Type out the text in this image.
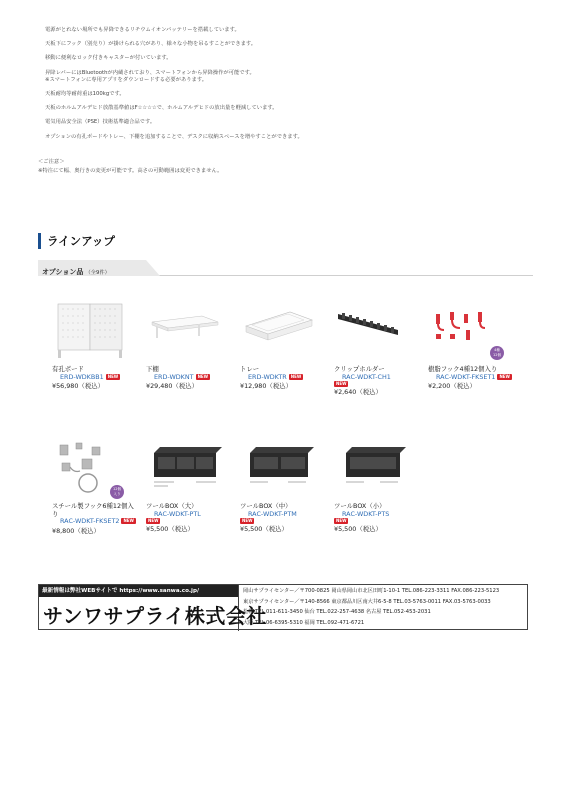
電源がとれない場所でも昇降できるリチウムイオンバッテリーを搭載しています。
天板下にフック（別売り）が掛けられる穴があり、様々な小物を吊るすことができます。
移動に便利なロック付きキャスターが付いています。
昇降レバーにはBluetoothが内蔵されており、スマートフォンから昇降操作が可能です。
※スマートフォンに専用アプリをダウンロードする必要があります。
天板耐均等耐荷重は100kgです。
天板のホルムアルデヒド放散基準値はF☆☆☆☆で、ホルムアルデヒドの放出量を軽減しています。
電気用品安全法（PSE）技術基準適合品です。
オプションの有孔ボードやトレー、下棚を追加することで、デスクに収納スペースを増やすことができます。
＜ご注意＞
※特注にて幅、奥行きの変更が可能です。高さの可動範囲は変更できません。
ラインアップ
オプション品 （全9件）
有孔ボード
ERD-WDKBB1 NEW
¥56,980（税込）
下棚
ERD-WDKNT NEW
¥29,480（税込）
トレー
ERD-WDKTR NEW
¥12,980（税込）
クリップホルダー
RAC-WDKT-CH1
NEW
¥2,640（税込）
4種
12個
樹脂フック4種12個入り
RAC-WDKT-FKSET1 NEW
¥2,200（税込）
12個
入り
スチール製フック6種12個入り
RAC-WDKT-FKSET2 NEW
¥8,800（税込）
ツールBOX（大）
RAC-WDKT-PTL
NEW
¥5,500（税込）
ツールBOX（中）
RAC-WDKT-PTM
NEW
¥5,500（税込）
ツールBOX（小）
RAC-WDKT-PTS
NEW
¥5,500（税込）
最新情報は弊社WEBサイトで https://www.sanwa.co.jp/
サンワサプライ株式会社
岡山サプライセンター／〒700-0825 岡山県岡山市北区田町1-10-1 TEL.086-223-3311 FAX.086-223-5123
東京サプライセンター／〒140-8566 東京都品川区南大井6-5-8 TEL.03-5763-0011 FAX.03-5763-0033
札幌 TEL.011-611-3450 仙台 TEL.022-257-4638 名古屋 TEL.052-453-2031
大阪 TEL.06-6395-5310 福岡 TEL.092-471-6721
